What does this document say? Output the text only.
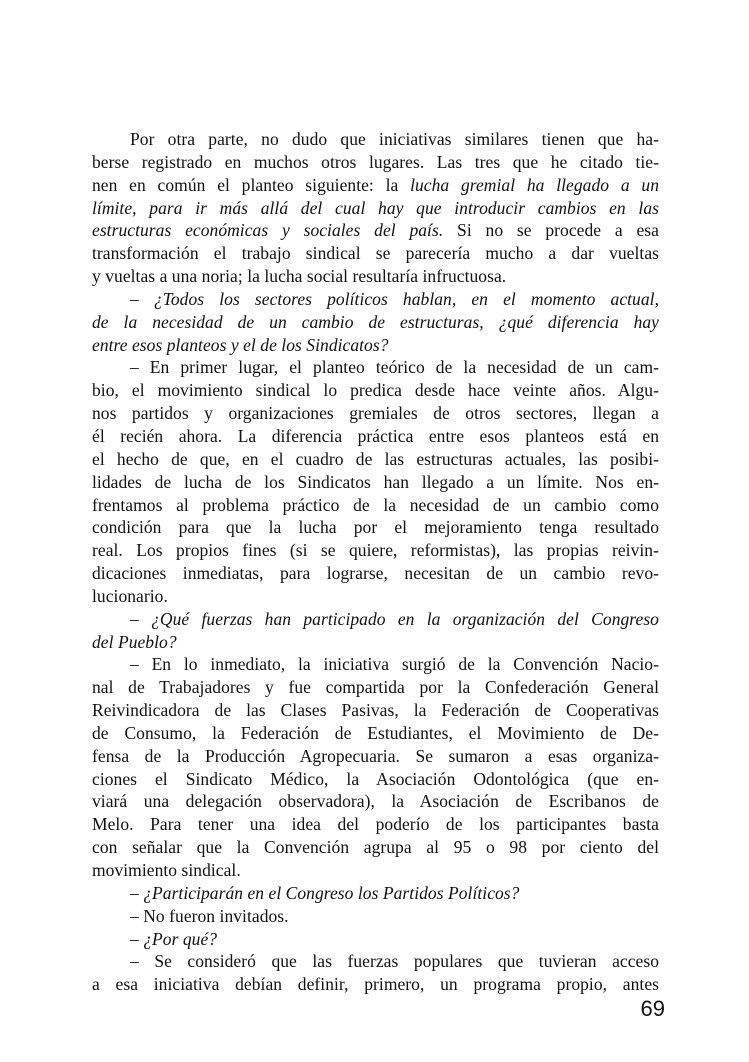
Por otra parte, no dudo que iniciativas similares tienen que ha-
berse registrado en muchos otros lugares. Las tres que he citado tie-
nen en común el planteo siguiente: la lucha gremial ha llegado a un
límite, para ir más allá del cual hay que introducir cambios en las
estructuras económicas y sociales del país. Si no se procede a esa
transformación el trabajo sindical se parecería mucho a dar vueltas
y vueltas a una noria; la lucha social resultaría infructuosa.
– ¿Todos los sectores políticos hablan, en el momento actual,
de la necesidad de un cambio de estructuras, ¿qué diferencia hay
entre esos planteos y el de los Sindicatos?
– En primer lugar, el planteo teórico de la necesidad de un cam-
bio, el movimiento sindical lo predica desde hace veinte años. Algu-
nos partidos y organizaciones gremiales de otros sectores, llegan a
él recién ahora. La diferencia práctica entre esos planteos está en
el hecho de que, en el cuadro de las estructuras actuales, las posibi-
lidades de lucha de los Sindicatos han llegado a un límite. Nos en-
frentamos al problema práctico de la necesidad de un cambio como
condición para que la lucha por el mejoramiento tenga resultado
real. Los propios fines (si se quiere, reformistas), las propias reivin-
dicaciones inmediatas, para lograrse, necesitan de un cambio revo-
lucionario.
– ¿Qué fuerzas han participado en la organización del Congreso
del Pueblo?
– En lo inmediato, la iniciativa surgió de la Convención Nacio-
nal de Trabajadores y fue compartida por la Confederación General
Reivindicadora de las Clases Pasivas, la Federación de Cooperativas
de Consumo, la Federación de Estudiantes, el Movimiento de De-
fensa de la Producción Agropecuaria. Se sumaron a esas organiza-
ciones el Sindicato Médico, la Asociación Odontológica (que en-
viará una delegación observadora), la Asociación de Escribanos de
Melo. Para tener una idea del poderío de los participantes basta
con señalar que la Convención agrupa al 95 o 98 por ciento del
movimiento sindical.
– ¿Participarán en el Congreso los Partidos Políticos?
– No fueron invitados.
– ¿Por qué?
– Se consideró que las fuerzas populares que tuvieran acceso
a esa iniciativa debían definir, primero, un programa propio, antes
69
